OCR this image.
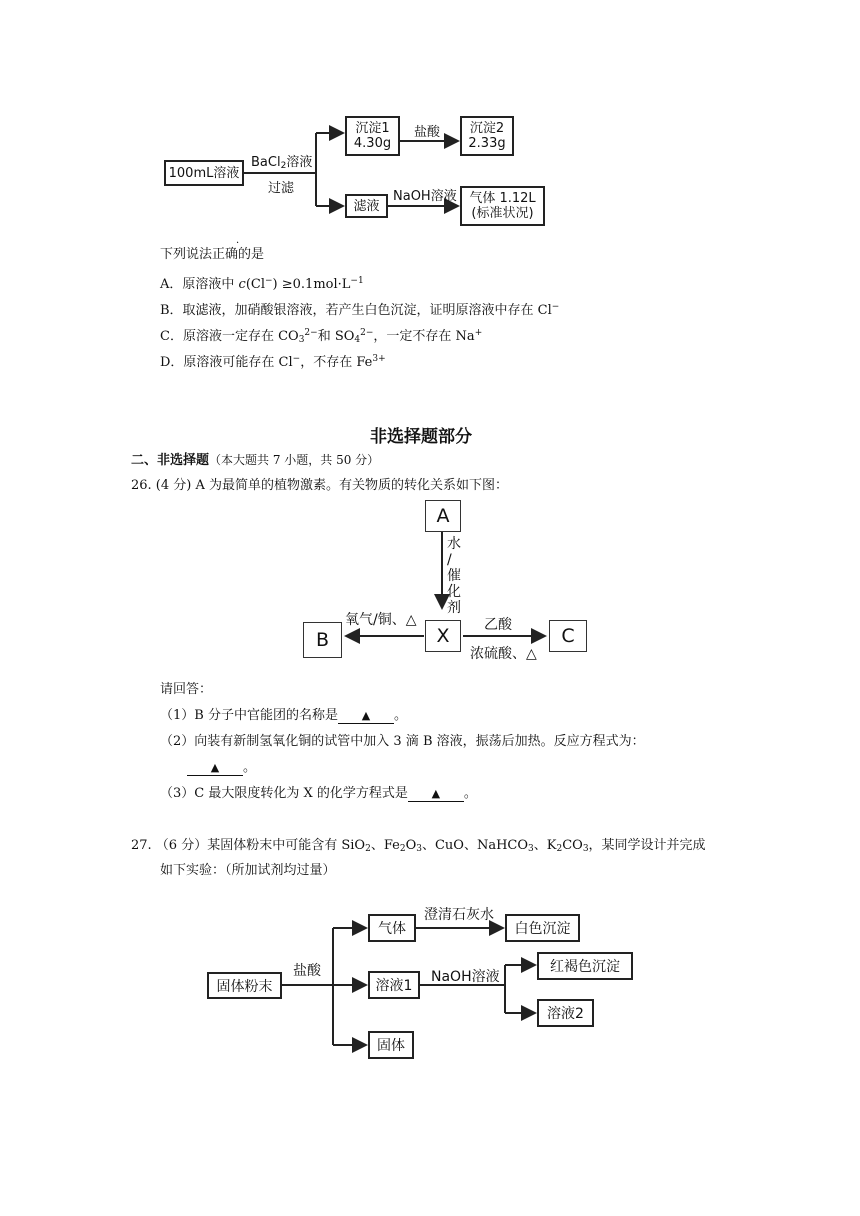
100mL溶液
BaCl$_2$溶液
过滤
沉淀1
4.30g
盐酸 沉淀2
2.33g
滤液
NaOH溶液 气体 1.12L
(标准状况)
下列说法正确的是
·
A．原溶液中 $c(Cl^-) \ge 0.1mol\cdot L^{-1}$
B．取滤液，加硝酸银溶液，若产生白色沉淀，证明原溶液中存在 Cl−
C．原溶液一定存在 $CO_3^{2-}$和 $SO_4^{2-}$，一定不存在 Na+
D．原溶液可能存在 Cl−，不存在 $Fe^{3+}$
非选择题部分
二、非选择题（本大题共 7 小题，共 50 分）
26. (4 分) A 为最简单的植物激素。有关物质的转化关系如下图：
A
X
B	C
水
/
催
化
剂
氧气/铜、△	乙酸
浓硫酸、△
请回答：
（1）B 分子中官能团的名称是 ▲ 。
（2）向装有新制氢氧化铜的试管中加入 3 滴 B 溶液，振荡后加热。反应方程式为：
▲ 。
（3）C 最大限度转化为 X 的化学方程式是 ▲ 。
27. （6 分）某固体粉末中可能含有 SiO$_2$、$Fe_2O_3$、CuO、NaHCO$_3$、$K_2CO_3$，某同学设计并完成
如下实验：（所加试剂均过量）
固体粉末
盐酸
气体
澄清石灰水
白色沉淀
溶液1
NaOH溶液
红褐色沉淀
溶液2
固体
